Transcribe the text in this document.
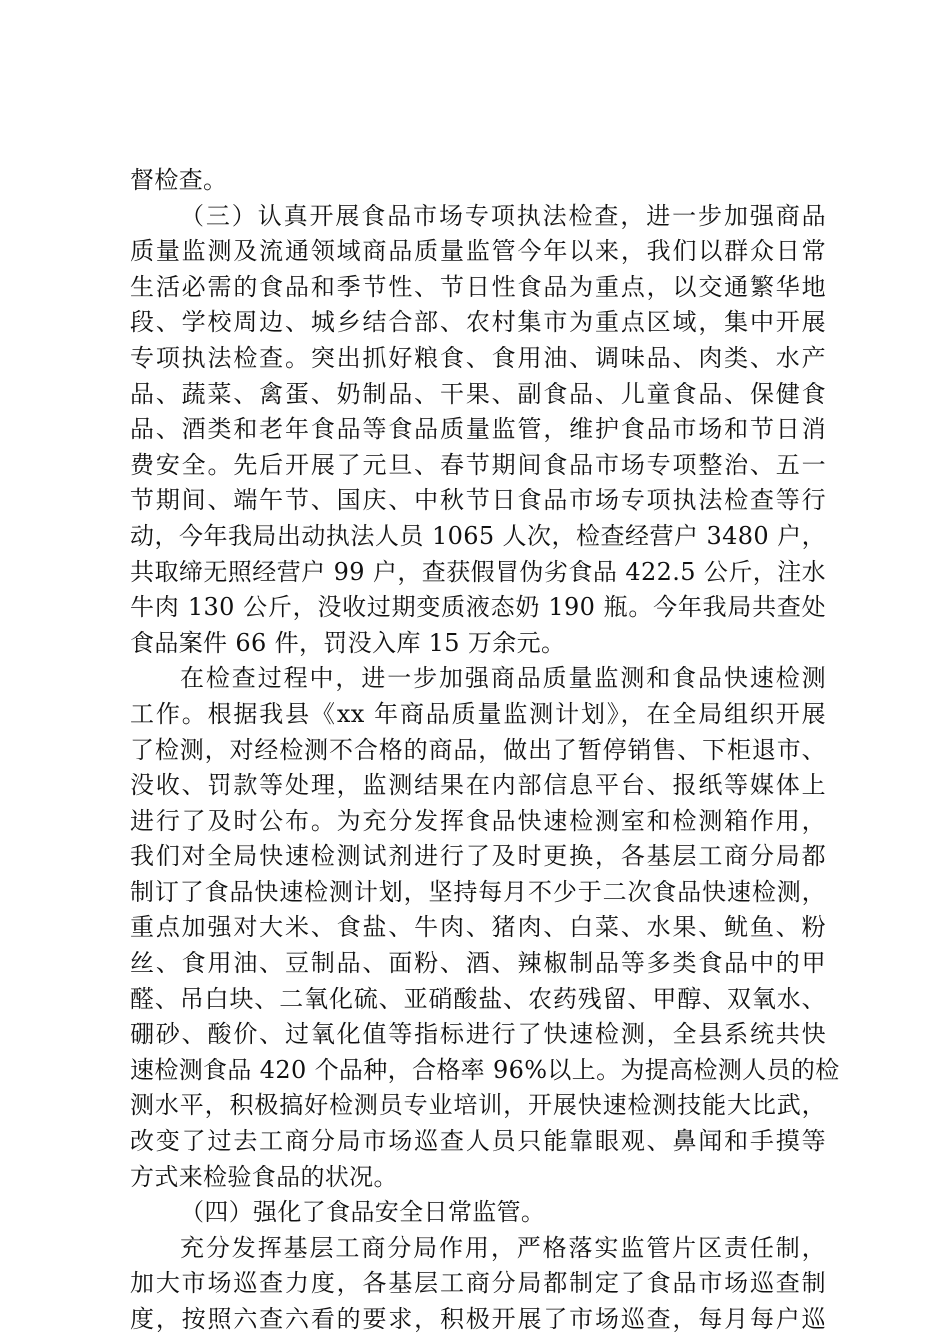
督检查。
（三）认真开展食品市场专项执法检查，进一步加强商品
质量监测及流通领域商品质量监管今年以来，我们以群众日常
生活必需的食品和季节性、节日性食品为重点，以交通繁华地
段、学校周边、城乡结合部、农村集市为重点区域，集中开展
专项执法检查。突出抓好粮食、食用油、调味品、肉类、水产
品、蔬菜、禽蛋、奶制品、干果、副食品、儿童食品、保健食
品、酒类和老年食品等食品质量监管，维护食品市场和节日消
费安全。先后开展了元旦、春节期间食品市场专项整治、五一
节期间、端午节、国庆、中秋节日食品市场专项执法检查等行
动，今年我局出动执法人员 1065 人次，检查经营户 3480 户，
共取缔无照经营户 99 户，查获假冒伪劣食品 422.5 公斤，注水
牛肉 130 公斤，没收过期变质液态奶 190 瓶。今年我局共查处
食品案件 66 件，罚没入库 15 万余元。
在检查过程中，进一步加强商品质量监测和食品快速检测
工作。根据我县《xx 年商品质量监测计划》，在全局组织开展
了检测，对经检测不合格的商品，做出了暂停销售、下柜退市、
没收、罚款等处理，监测结果在内部信息平台、报纸等媒体上
进行了及时公布。为充分发挥食品快速检测室和检测箱作用，
我们对全局快速检测试剂进行了及时更换，各基层工商分局都
制订了食品快速检测计划，坚持每月不少于二次食品快速检测，
重点加强对大米、食盐、牛肉、猪肉、白菜、水果、鱿鱼、粉
丝、食用油、豆制品、面粉、酒、辣椒制品等多类食品中的甲
醛、吊白块、二氧化硫、亚硝酸盐、农药残留、甲醇、双氧水、
硼砂、酸价、过氧化值等指标进行了快速检测，全县系统共快
速检测食品 420 个品种，合格率 96%以上。为提高检测人员的检
测水平，积极搞好检测员专业培训，开展快速检测技能大比武，
改变了过去工商分局市场巡查人员只能靠眼观、鼻闻和手摸等
方式来检验食品的状况。
（四）强化了食品安全日常监管。
充分发挥基层工商分局作用，严格落实监管片区责任制，
加大市场巡查力度，各基层工商分局都制定了食品市场巡查制
度，按照六查六看的要求，积极开展了市场巡查，每月每户巡
